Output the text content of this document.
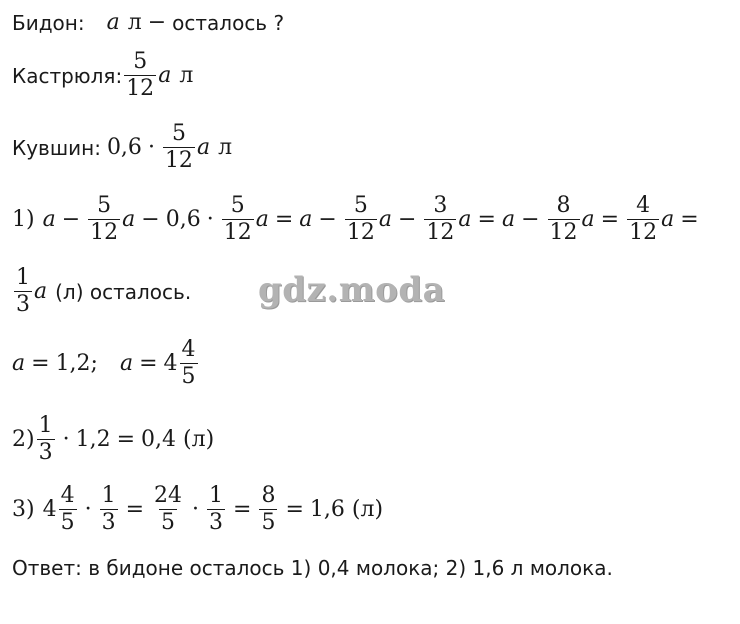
Бидон: a л − осталось ?
Кастрюля: $\frac{5}{12}$ a л
Кувшин: $0,6 \cdot \frac{5}{12}$ a л
1) $a - \frac{5}{12}$ $a - 0,6 \cdot \frac{5}{12}$ $a = a - \frac{5}{12}$ $a - \frac{3}{12}$ $a = a - \frac{8}{12}$ $a = \frac{4}{12}$ a =
$\frac{1}{3}$ a (л) осталось. gdz.moda
a = 1,2; $a = 4 \frac{4}{5}$
$2) \frac{1}{3} \cdot 1,2 = 0,4$ (л)
3) $4 \frac{4}{5} \cdot \frac{1}{3} = \frac{24}{5} \cdot \frac{1}{3} = \frac{8}{5} = 1,6$ (л)
Ответ: в бидоне осталось 1) 0,4 молока; 2) 1,6 л молока.
